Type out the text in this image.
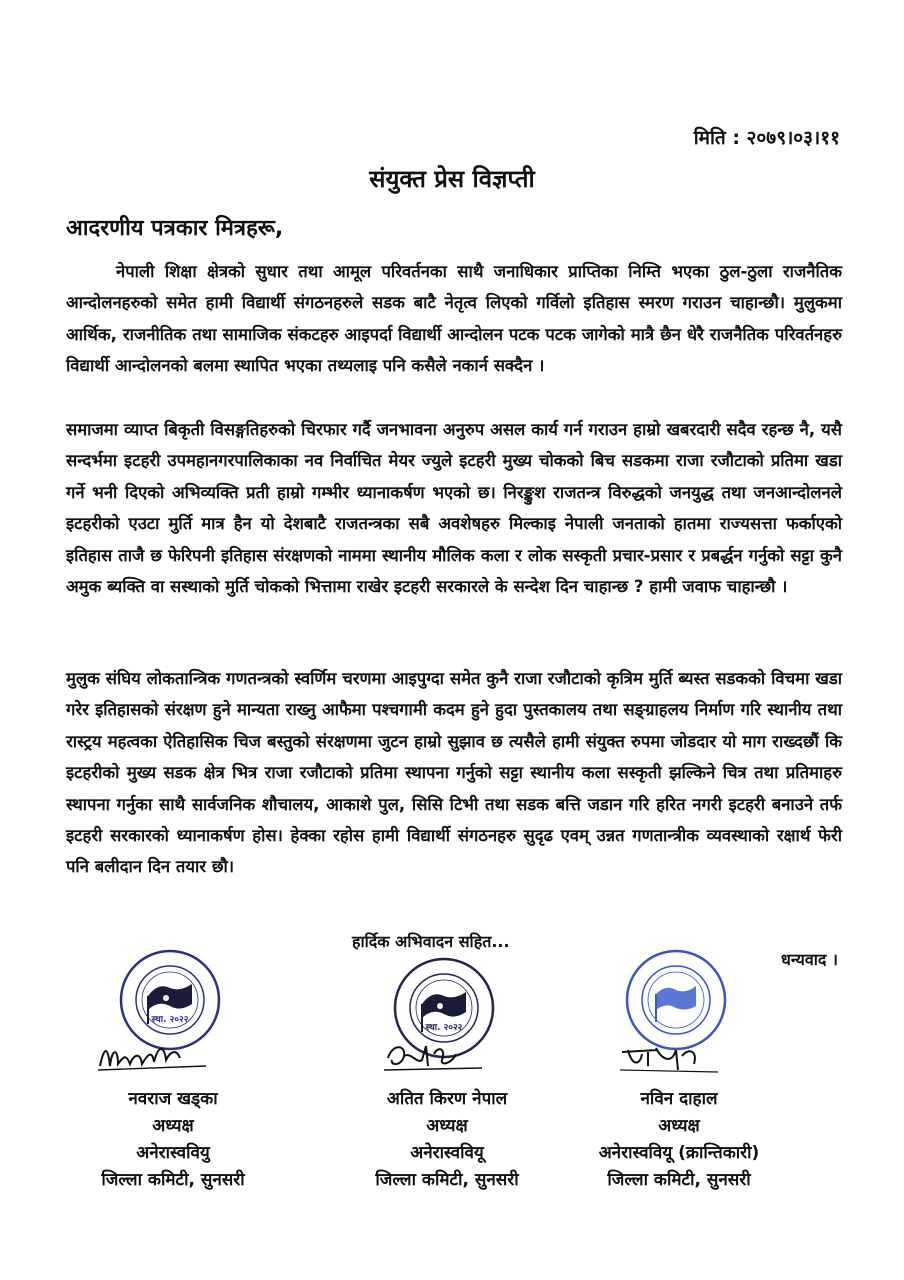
मिति : २०७९।०३।११
संयुक्त प्रेस विज्ञप्ती
आदरणीय पत्रकार मित्रहरू,

नेपाली शिक्षा क्षेत्रको सुधार तथा आमूल परिवर्तनका साथै जनाधिकार प्राप्तिका निम्ति भएका ठुल-ठुला राजनैतिक आन्दोलनहरुको समेत हामी विद्यार्थी संगठनहरुले सडक बाटै नेतृत्व लिएको गर्विलो इतिहास स्मरण गराउन चाहान्छौ। मुलुकमा आर्थिक, राजनीतिक तथा सामाजिक संकटहरु आइपर्दा विद्यार्थी आन्दोलन पटक पटक जागेको मात्रै छैन धेरै राजनैतिक परिवर्तनहरु विद्यार्थी आन्दोलनको बलमा स्थापित भएका तथ्यलाइ पनि कसैले नकार्न सक्दैन ।

समाजमा व्याप्त बिकृती विसङ्गतिहरुको चिरफार गर्दै जनभावना अनुरुप असल कार्य गर्न गराउन हाम्रो खबरदारी सदैव रहन्छ नै, यसै सन्दर्भमा इटहरी उपमहानगरपालिकाका नव निर्वाचित मेयर ज्युले इटहरी मुख्य चोकको बिच सडकमा राजा रजौटाको प्रतिमा खडा गर्ने भनी दिएको अभिव्यक्ति प्रती हाम्रो गम्भीर ध्यानाकर्षण भएको छ। निरङ्कुश राजतन्त्र विरुद्धको जनयुद्ध तथा जनआन्दोलनले इटहरीको एउटा मुर्ति मात्र हैन यो देशबाटै राजतन्त्रका सबै अवशेषहरु मिल्काइ नेपाली जनताको हातमा राज्यसत्ता फर्काएको इतिहास ताजै छ फेरिपनी इतिहास संरक्षणको नाममा स्थानीय मौलिक कला र लोक सस्कृती प्रचार-प्रसार र प्रबर्द्धन गर्नुको सट्टा कुनै अमुक ब्यक्ति वा सस्थाको मुर्ति चोकको भित्तामा राखेर इटहरी सरकारले के सन्देश दिन चाहान्छ ? हामी जवाफ चाहान्छौ ।

मुलुक संघिय लोकतान्त्रिक गणतन्त्रको स्वर्णिम चरणमा आइपुग्दा समेत कुनै राजा रजौटाको कृत्रिम मुर्ति ब्यस्त सडकको विचमा खडा गरेर इतिहासको संरक्षण हुने मान्यता राख्नु आफैमा पश्चगामी कदम हुने हुदा पुस्तकालय तथा सङ्ग्राहलय निर्माण गरि स्थानीय तथा रास्ट्रय महत्वका ऐतिहासिक चिज बस्तुको संरक्षणमा जुटन हाम्रो सुझाव छ त्यसैले हामी संयुक्त रुपमा जोडदार यो माग राख्दछौं कि इटहरीको मुख्य सडक क्षेत्र भित्र राजा रजौटाको प्रतिमा स्थापना गर्नुको सट्टा स्थानीय कला सस्कृती झल्किने चित्र तथा प्रतिमाहरु स्थापना गर्नुका साथै सार्वजनिक शौचालय, आकाशे पुल, सिसि टिभी तथा सडक बत्ति जडान गरि हरित नगरी इटहरी बनाउने तर्फ इटहरी सरकारको ध्यानाकर्षण होस। हेक्का रहोस हामी विद्यार्थी संगठनहरु सुदृढ एवम् उन्नत गणतान्त्रीक व्यवस्थाको रक्षार्थ फेरी पनि बलीदान दिन तयार छौ।

हार्दिक अभिवादन सहित...
धन्यवाद ।
स्था. २०२२
नवराज खड्का
अध्यक्ष
अनेरास्ववियु
जिल्ला कमिटी, सुनसरी
स्था. २०२२
अतित किरण नेपाल
अध्यक्ष
अनेरास्ववियू
जिल्ला कमिटी, सुनसरी
नविन दाहाल
अध्यक्ष
अनेरास्ववियू (क्रान्तिकारी)
जिल्ला कमिटी, सुनसरी
